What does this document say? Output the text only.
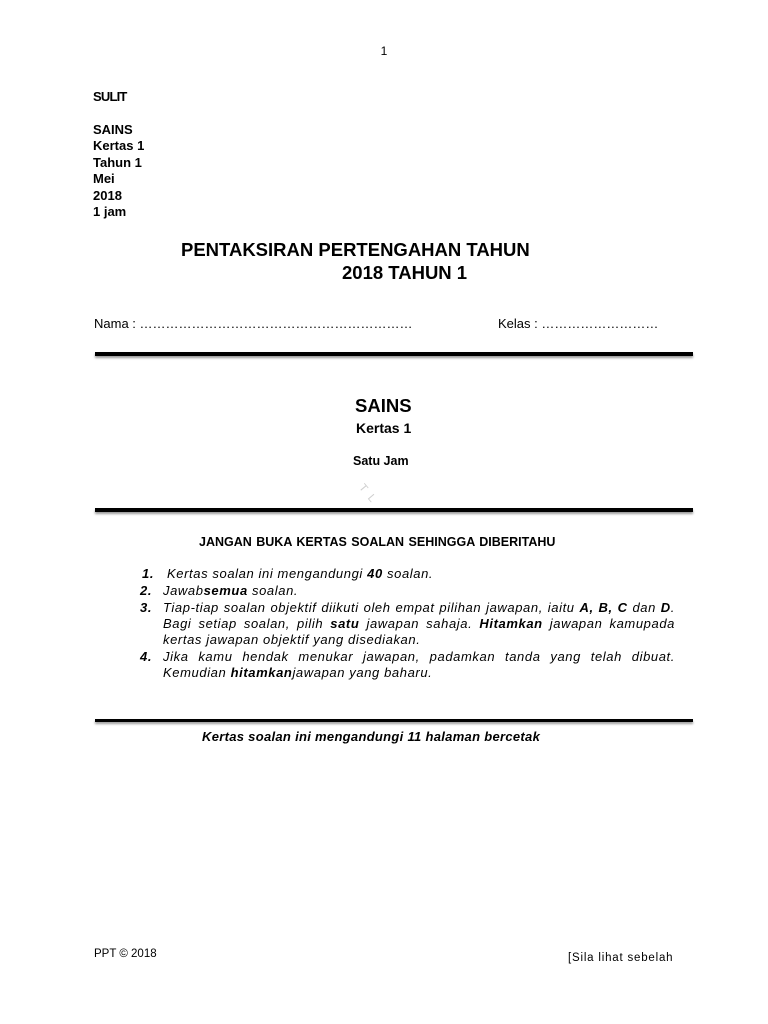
1
SULIT
SAINS
Kertas 1
Tahun 1
Mei
2018
1 jam
PENTAKSIRAN PERTENGAHAN TAHUN
2018 TAHUN 1
Nama : ………………………………………………………	Kelas : ………………………
SAINS
Kertas 1
Satu Jam
T L
JANGAN BUKA KERTAS SOALAN SEHINGGA DIBERITAHU
1. Kertas soalan ini mengandungi 40 soalan.
2. Jawabsemua soalan.
3. Tiap-tiap soalan objektif diikuti oleh empat pilihan jawapan, iaitu A, B, C dan D. Bagi setiap soalan, pilih satu jawapan sahaja. Hitamkan jawapan kamupada kertas jawapan objektif yang disediakan.
4. Jika kamu hendak menukar jawapan, padamkan tanda yang telah dibuat. Kemudian hitamkanjawapan yang baharu.
Kertas soalan ini mengandungi 11 halaman bercetak
PPT © 2018	[Sila lihat sebelah
